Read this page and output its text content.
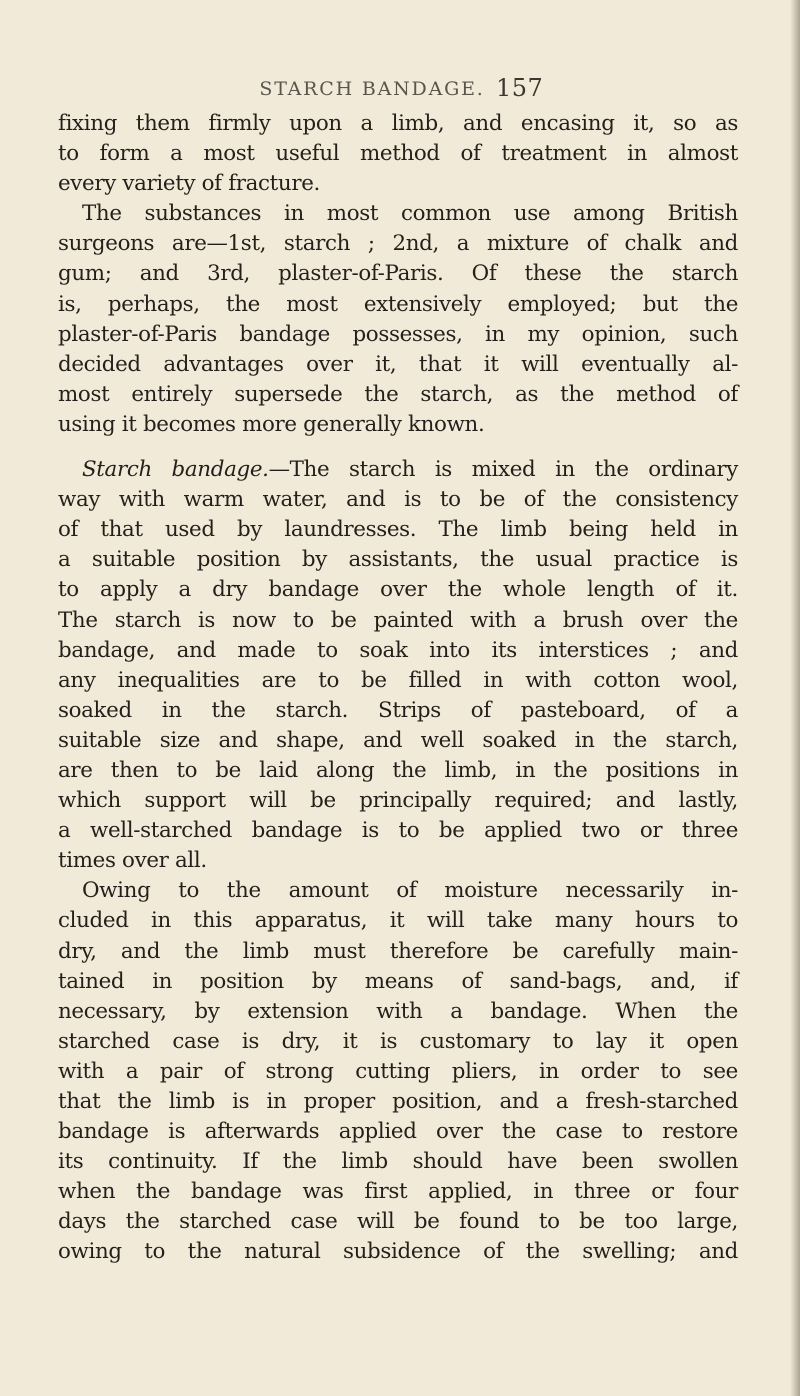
STARCH BANDAGE. 157
fixing them firmly upon a limb, and encasing it, so as
to form a most useful method of treatment in almost
every variety of fracture.
The substances in most common use among British
surgeons are—1st, starch ; 2nd, a mixture of chalk and
gum; and 3rd, plaster-of-Paris. Of these the starch
is, perhaps, the most extensively employed; but the
plaster-of-Paris bandage possesses, in my opinion, such
decided advantages over it, that it will eventually al-
most entirely supersede the starch, as the method of
using it becomes more generally known.
Starch bandage.—The starch is mixed in the ordinary
way with warm water, and is to be of the consistency
of that used by laundresses. The limb being held in
a suitable position by assistants, the usual practice is
to apply a dry bandage over the whole length of it.
The starch is now to be painted with a brush over the
bandage, and made to soak into its interstices ; and
any inequalities are to be filled in with cotton wool,
soaked in the starch. Strips of pasteboard, of a
suitable size and shape, and well soaked in the starch,
are then to be laid along the limb, in the positions in
which support will be principally required; and lastly,
a well-starched bandage is to be applied two or three
times over all.
Owing to the amount of moisture necessarily in-
cluded in this apparatus, it will take many hours to
dry, and the limb must therefore be carefully main-
tained in position by means of sand-bags, and, if
necessary, by extension with a bandage. When the
starched case is dry, it is customary to lay it open
with a pair of strong cutting pliers, in order to see
that the limb is in proper position, and a fresh-starched
bandage is afterwards applied over the case to restore
its continuity. If the limb should have been swollen
when the bandage was first applied, in three or four
days the starched case will be found to be too large,
owing to the natural subsidence of the swelling; and
